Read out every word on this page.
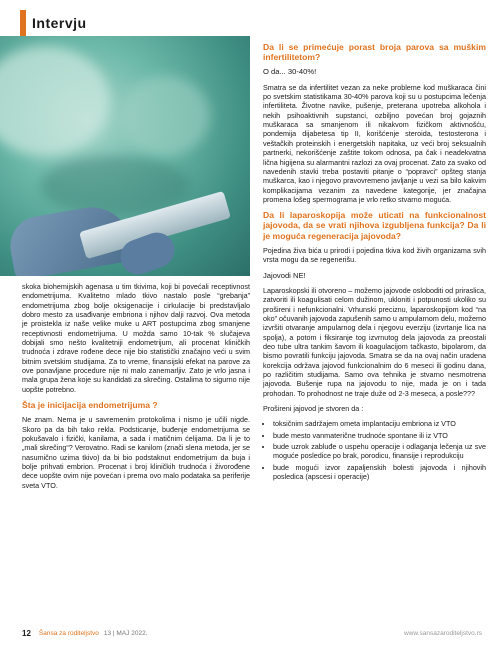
Intervju

skoka biohemijskih agenasa u tim tkivima, koji bi povećali receptivnost endometrijuma. Kvalitetno mlado tkivo nastalo posle “grebanja” endometrijuma zbog bolje oksigenacije i cirkulacije bi predstavljalo dobro mesto za usađivanje embriona i njihov dalji razvoj. Ova metoda je proistekla iz naše velike muke u ART postupcima zbog smanjene receptivnosti endometrijuma. U možda samo 10-tak % slučajeva dobijali smo nešto kvalitetniji endometrijum, ali procenat kliničkih trudnoća i zdrave rođene dece nije bio statistički značajno veći u svim bitnim svetskim studijama. Za to vreme, finansijski efekat na parove za ove ponavljane procedure nije ni malo zanemarljiv. Zato je vrlo jasna i mala grupa žena koje su kandidati za skrečing. Ostalima to sigurno nije uopšte potrebno.

Šta je inicijacija endometrijuma ?

Ne znam. Nema je u savremenim protokolima i nismo je učili nigde. Skoro pa da bih tako rekla. Podsticanje, buđenje endometrijuma se pokušavalo i fizički, kanilama, a sada i matičnim ćelijama. Da li je to „mali skrečing“? Verovatno. Radi se kanilom (znači sleпa metoda, jer se nasumično uzima tkivo) da bi bio podstaknut endometrijum da buja i bolje prihvati embrion. Procenat i broj kliničkih trudnoća i živorođene dece uopšte ovim nije povećan i prema ovo malo podataka sa periferije sveta VTO.

Da li se primećuje porast broja parova sa muškim infertilitetom?

O da... 30-40%!

Smatra se da infertilitet vezan za neke probleme kod muškaraca čini po svetskim statistikama 30-40% parova koji su u postupcima lečenja infertiliteta. Životne navike, pušenje, preterana upotreba alkohola i nekih psihoaktivnih supstanci, ozbiljno povećan broj gojaznih muškaraca sa smanjenom ili nikakvom fizičkom aktivnošću, pondemija dijabetesa tip II, korišćenje steroida, testosterona i veštačkih proteinskih i energetskih napitaka, uz veći broj seksualnih partnerki, nekorišćenje zaštite tokom odnosa, pa čak i neadekvatna lična higijena su alarmantni razlozi za ovaj procenat. Zato za svako od navedenih stavki treba postaviti pitanje o “popravci” opšteg stanja muškarca, kao i njegovo pravovremeno javljanje u vezi sa bilo kakvim komplikacijama vezanim za navedene kategorije, jer značajna promena lošeg spermograma je vrlo retko stvarno moguća.

Da li laparoskopija može uticati na funkcionalnost jajovoda, da se vrati njihova izgubljena funkcija? Da li je moguća regeneracija jajovoda?

Pojedina živa bića u prirodi i pojedina tkiva kod živih organizama svih vrsta mogu da se regenerišu.

Jajovodi NE!

Laparoskopski ili otvoreno – možemo jajovode osloboditi od priraslica, zatvoriti ili koagulisati celom dužinom, ukloniti i potpunosti ukoliko su prošireni i nefunkcionalni. Vrhunski preciznu, laparoskopijom kod “na oko” očuvanih jajovoda zapušenih samo u ampularnom delu, možemo izvršiti otvaranje ampularnog dela i njegovu everziju (izvrtanje lica na spolja), a potom i fiksiranje tog izvrnutog dela jajovoda za preostali deo tube ultra tankim šavom ili koagulacijom tačkasto, bipolarom, da bismo povratili funkciju jajovoda. Smatra se da na ovaj način uradena korekcija održava jajovod funkcionalnim do 6 meseci ili godinu dana, po različitim studijama. Samo ova tehnika je stvarno nesmotrena jajovoda. Bušenje rupa na jajovodu to nije, mada je on i tada prohodan. To prohodnost ne traje duže od 2-3 meseca, a posle???

Prošireni jajovod je stvoren da :

• toksičnim sadržajem ometa implantaciju embriona iz VTO
• bude mesto vanmateričnе trudnoće spontane ili iz VTO
• bude uzrok zabluđe o uspehu operacije i odlaganja lečenja uz sve moguće posledice po brak, porodicu, finansije i reprodukciju
• bude mogući izvor zapaljenskih bolesti jajovoda i njihovih posledica (apscesi i operacije)
12 Šansa za roditeljstvo 13 | MAJ 2022.	www.sansazaroditeljstvo.rs
